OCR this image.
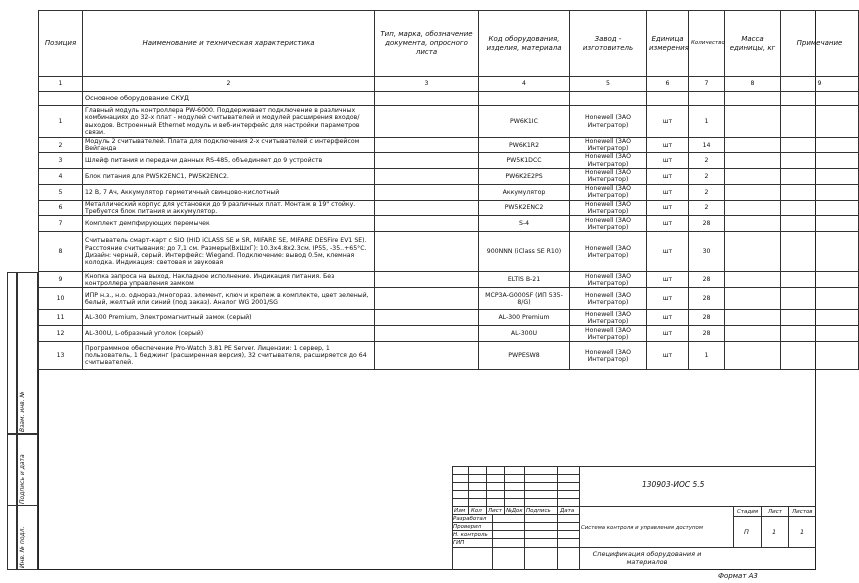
Позиция	Наименование и техническая характеристика	Тип, марка, обозначение документа, опросного листа	Код оборудования, изделия, материала	Завод - изготовитель	Единица измерения	Количество	Масса единицы, кг	Примечание
1	2	3	4	5	6	7	8	9
	Основное оборудование СКУД							
1	Главный модуль контроллера PW-6000. Поддерживает подключение в различных комбинациях до 32-х плат - модулей считывателей и модулей расширения входов/выходов. Встроенный Ethernet модуль и веб-интерфейс для настройки параметров связи.		PW6K1IC	Honewell (ЗАО Интегратор)	шт	1		
2	Модуль 2 считывателей. Плата для подключения 2-х считывателей с интерфейсом Вейганда		PW6K1R2	Honewell (ЗАО Интегратор)	шт	14		
3	Шлейф питания и передачи данных RS-485, объединяет до 9 устройств		PW5K1DCC	Honewell (ЗАО Интегратор)	шт	2		
4	Блок питания для PW5K2ENC1, PW5K2ENC2.		PW6K2E2PS	Honewell (ЗАО Интегратор)	шт	2		
5	12 В, 7 Ач, Аккумулятор герметичный свинцово-кислотный		Аккумулятор	Honewell (ЗАО Интегратор)	шт	2		
6	Металлический корпус для установки до 9 различных плат. Монтаж в 19" стойку. Требуется блок питания и аккумулятор.		PW5K2ENC2	Honewell (ЗАО Интегратор)	шт	2		
7	Комплект демпфирующих перемычек		S-4	Honewell (ЗАО Интегратор)	шт	28		
8	Считыватель смарт-карт с SIO (HID iCLASS SE и SR, MIFARE SE, MIFARE DESFire EV1 SE). Расстояние считывания: до 7,1 см. Размеры(ВхШхГ): 10.3х4.8х2.3см. IP55, -35..+65°С. Дизайн: черный, серый. Интерфейс: Wiegand. Подключение: вывод 0.5м, клемная колодка. Индикация: световая и звуковая		900NNN (iClass SE R10)	Honewell (ЗАО Интегратор)	шт	30		
9	Кнопка запроса на выход. Накладное исполнение. Индикация питания. Без контроллера управления замком		ELTIS B-21	Honewell (ЗАО Интегратор)	шт	28		
10	ИПР н.з., н.о. однораз./многораз. элемент, ключ и крепеж в комплекте, цвет зеленый, белый, желтый или синий (под заказ). Аналог WG 2001/SG		MCP3A-G000SF (ИП 535-8/G)	Honewell (ЗАО Интегратор)	шт	28		
11	AL-300 Premium, Электромагнитный замок (серый)		AL-300 Premium	Honewell (ЗАО Интегратор)	шт	28		
12	AL-300U, L-образный уголок (серый)		AL-300U	Honewell (ЗАО Интегратор)	шт	28		
13	Программное обеспечение Pro-Watch 3.81 PE Server. Лицензии: 1 сервер, 1 пользователь, 1 беджинг (расширенная версия), 32 считывателя, расширяется до 64 считывателей.		PWPESW8	Honewell (ЗАО Интегратор)	шт	1		
Инв. № подл.
Подпись и дата
Взам. инв. №
Изм Кол Лист №Док Подпись Дата
Разработал
Проверил
Н. контроль
ГИП
130903-ИОС 5.5
Система контроля и управления доступом
Спецификация оборудования и материалов
Стадия Лист Листов
П	1	1
Формат А3
